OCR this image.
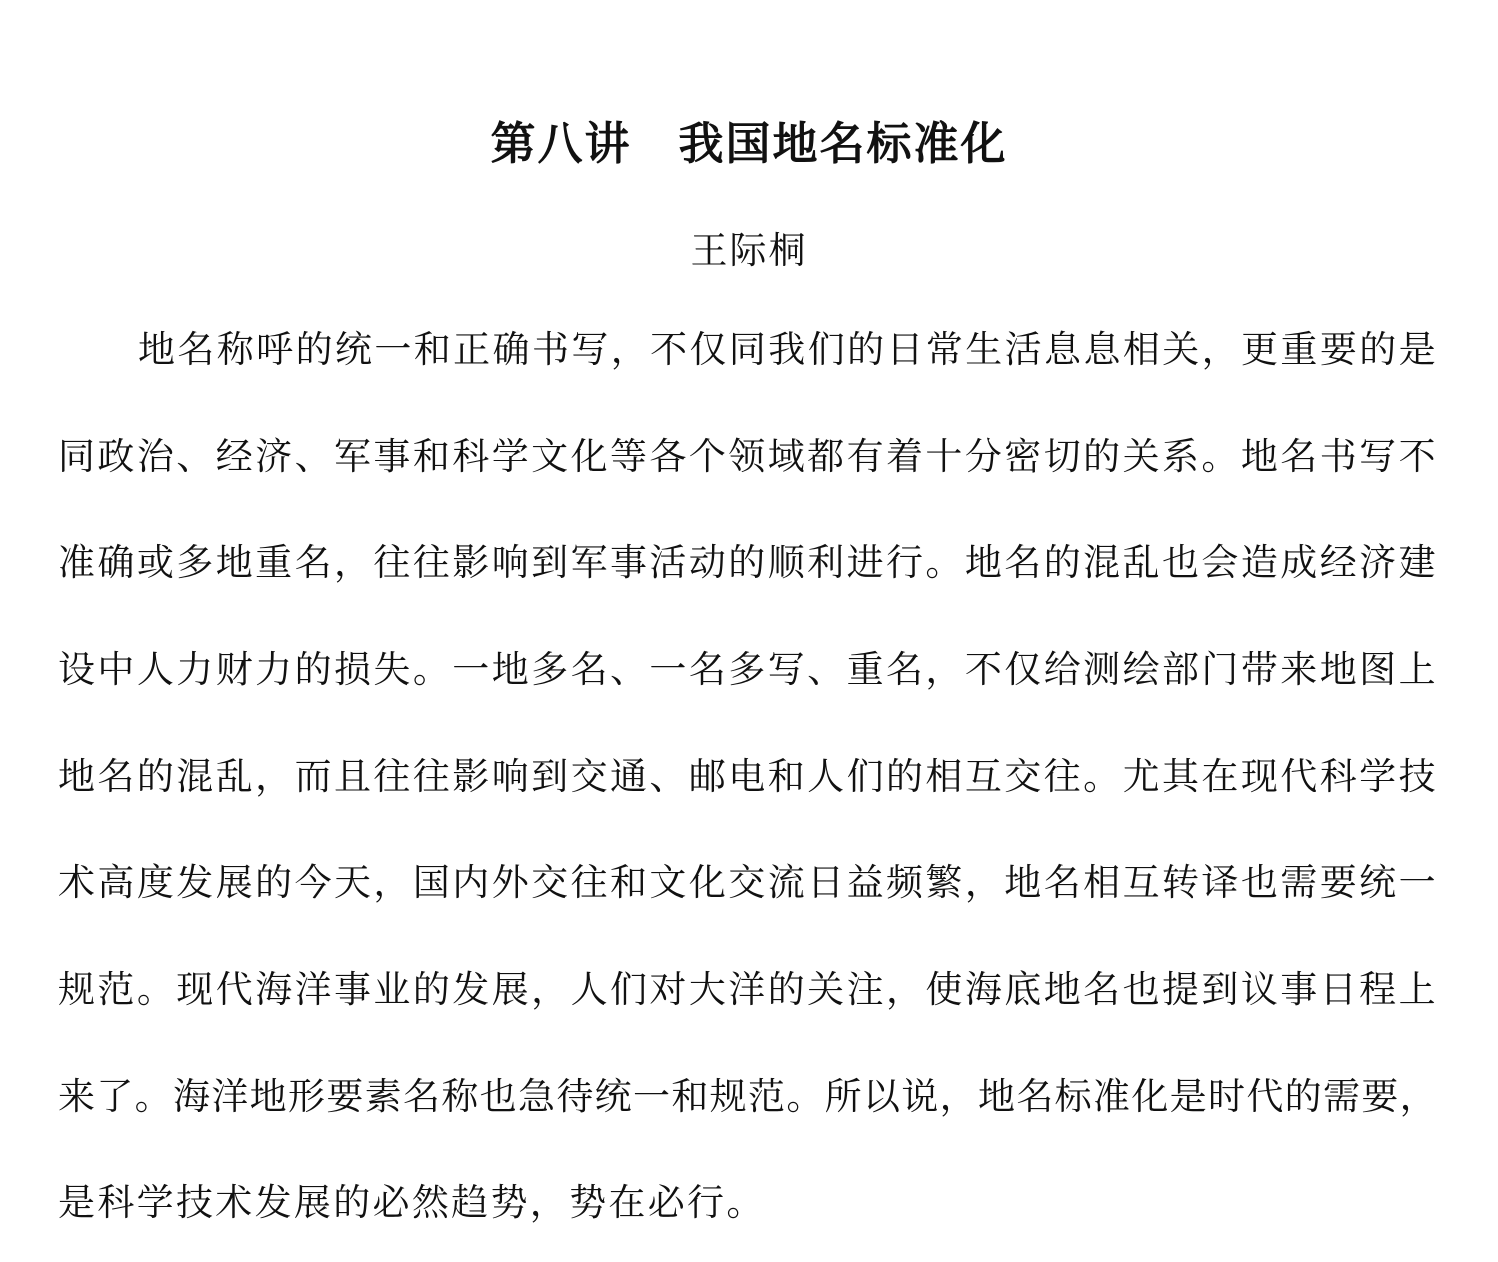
第八讲　我国地名标准化
王际桐
地 名 称 呼 的 统 一 和 正 确 书 写 ， 不 仅 同 我 们 的 日 常 生 活 息 息 相 关 ， 更 重 要 的 是
同 政 治 、 经 济 、 军 事 和 科 学 文 化 等 各 个 领 域 都 有 着 十 分 密 切 的 关 系 。 地 名 书 写 不
准 确 或 多 地 重 名 ， 往 往 影 响 到 军 事 活 动 的 顺 利 进 行 。 地 名 的 混 乱 也 会 造 成 经 济 建
设 中 人 力 财 力 的 损 失 。 一 地 多 名 、 一 名 多 写 、 重 名 ， 不 仅 给 测 绘 部 门 带 来 地 图 上
地 名 的 混 乱 ， 而 且 往 往 影 响 到 交 通 、 邮 电 和 人 们 的 相 互 交 往 。 尤 其 在 现 代 科 学 技
术 高 度 发 展 的 今 天 ， 国 内 外 交 往 和 文 化 交 流 日 益 频 繁 ， 地 名 相 互 转 译 也 需 要 统 一
规 范 。 现 代 海 洋 事 业 的 发 展 ， 人 们 对 大 洋 的 关 注 ， 使 海 底 地 名 也 提 到 议 事 日 程 上
来 了 。 海 洋 地 形 要 素 名 称 也 急 待 统 一 和 规 范 。 所 以 说 ， 地 名 标 准 化 是 时 代 的 需 要 ，
是 科 学 技 术 发 展 的 必 然 趋 势 ， 势 在 必 行 。
